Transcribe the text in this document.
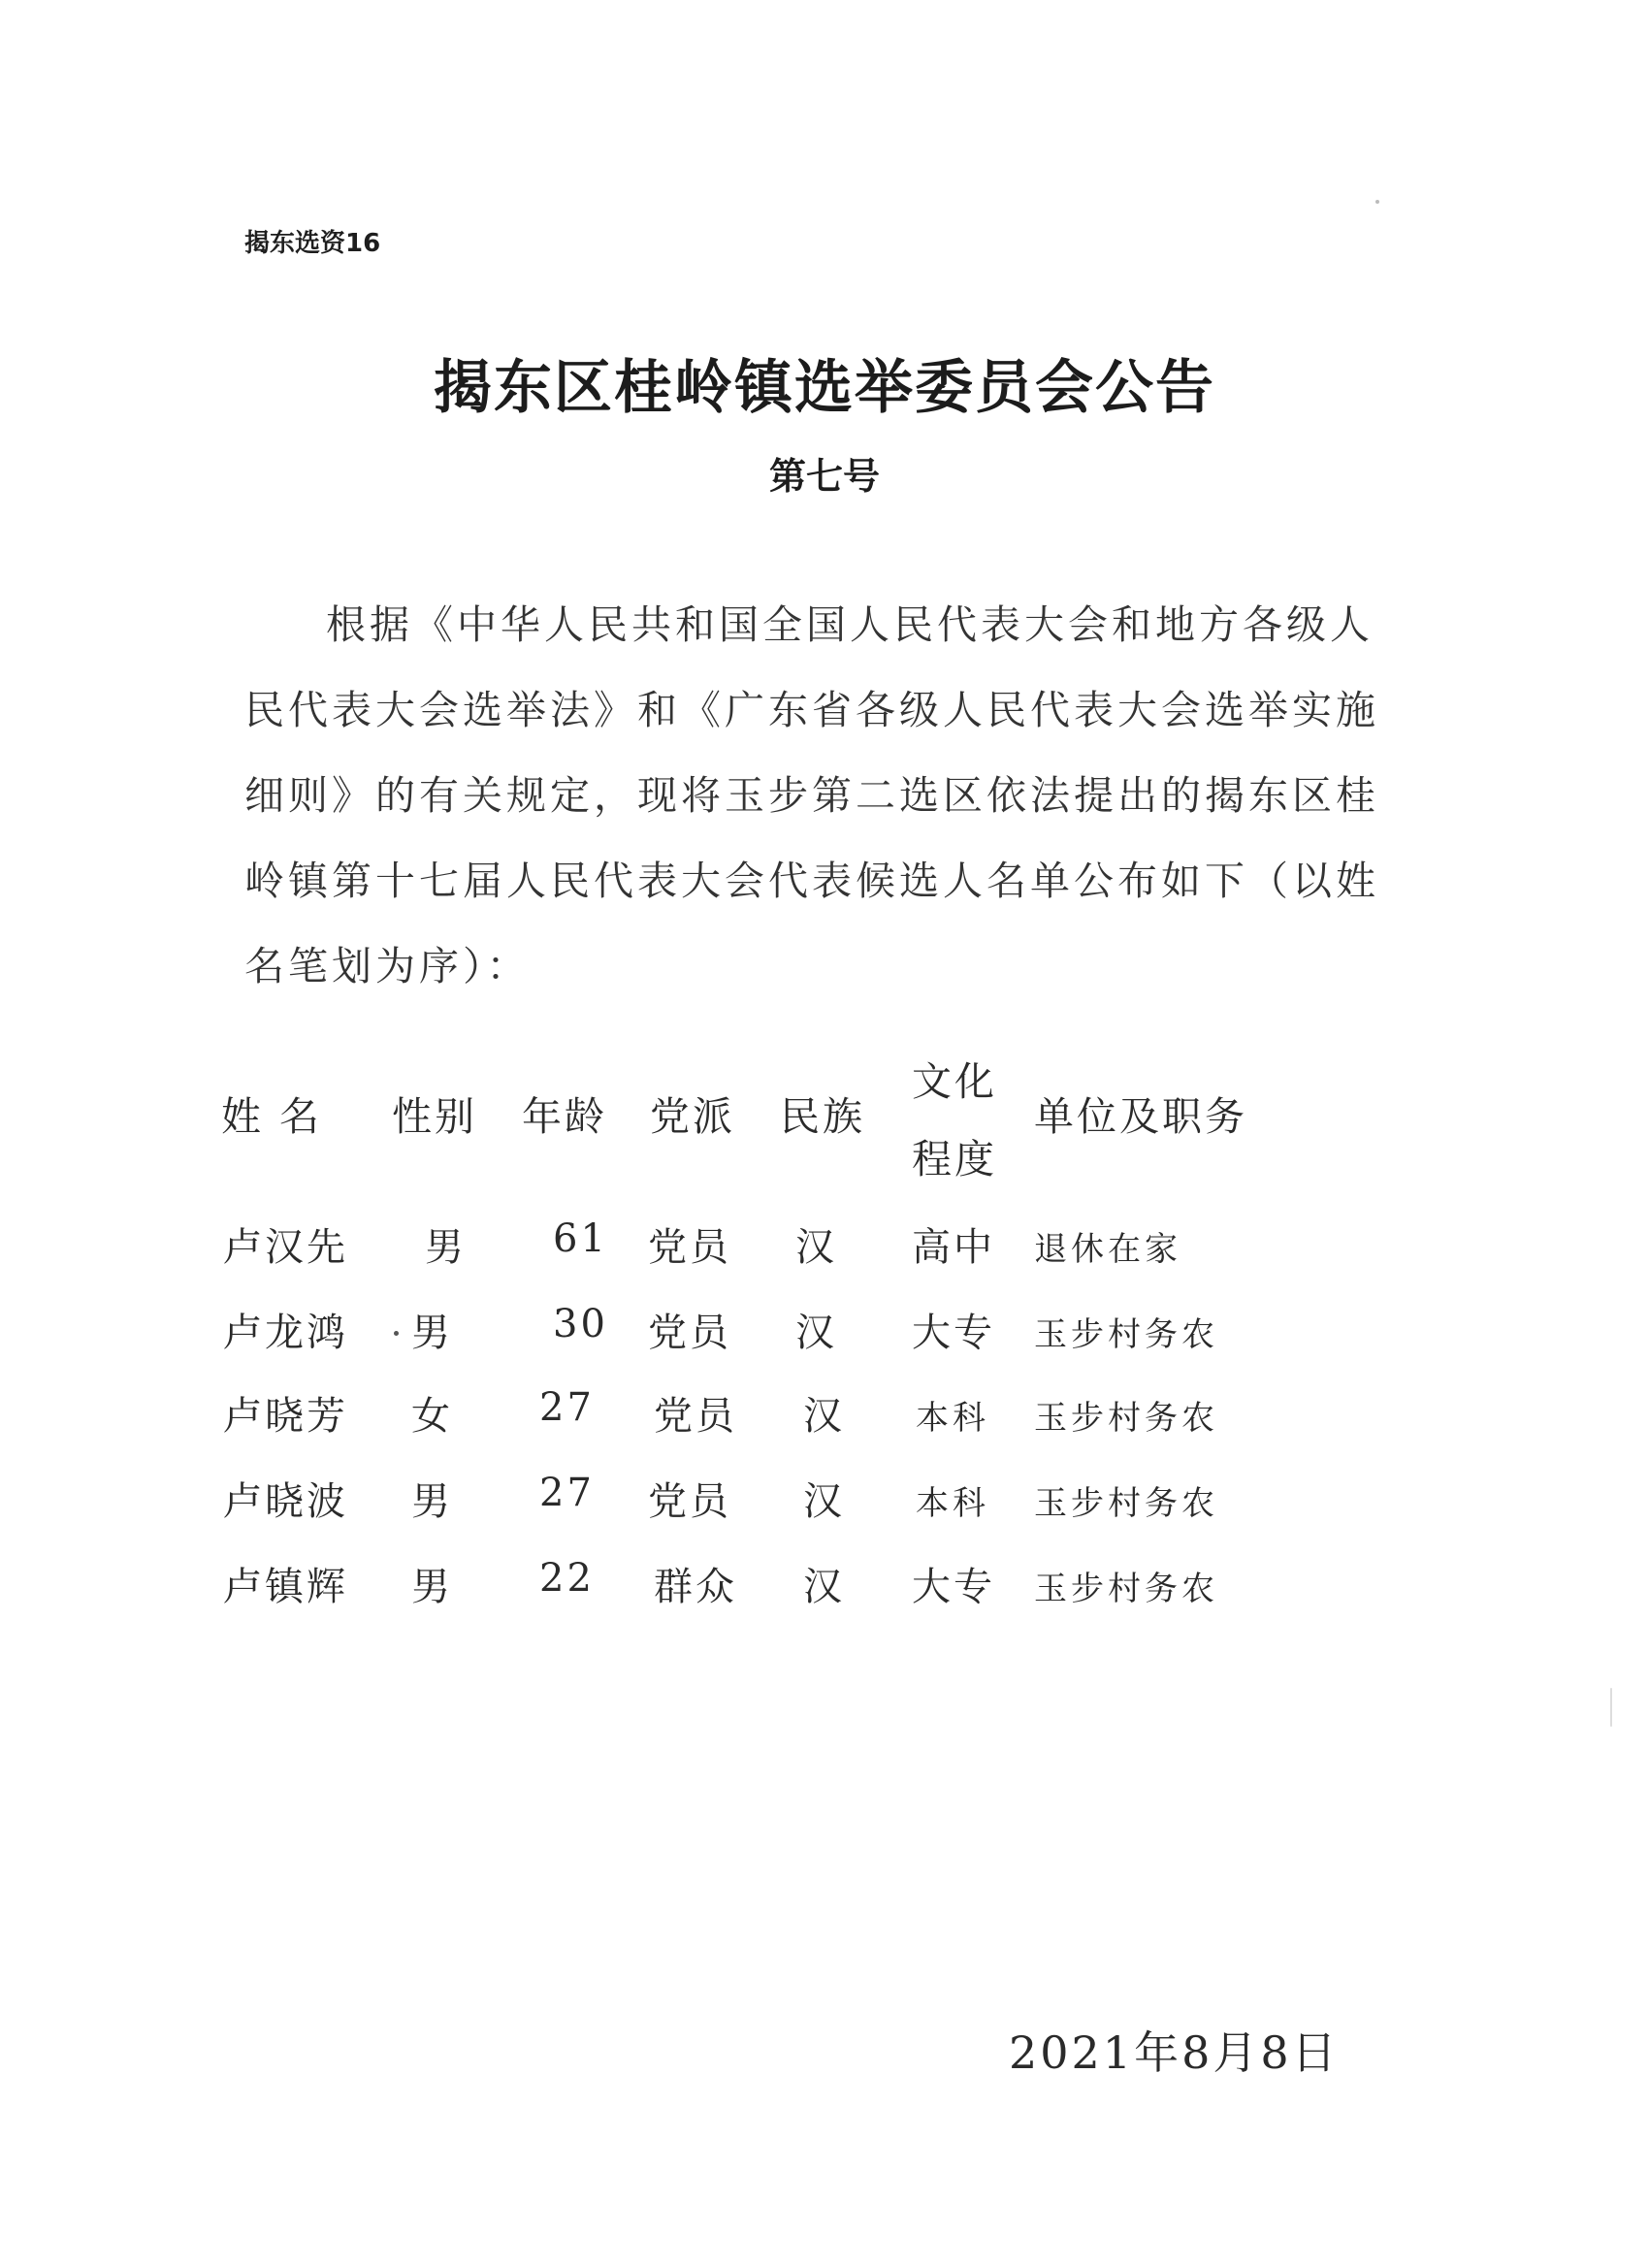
揭东选资16
揭东区桂岭镇选举委员会公告
第七号
根据《中华人民共和国全国人民代表大会和地方各级人
民代表大会选举法》和《广东省各级人民代表大会选举实施
细则》的有关规定，现将玉步第二选区依法提出的揭东区桂
岭镇第十七届人民代表大会代表候选人名单公布如下（以姓
名笔划为序）：
姓 名 性别 年龄 党派 民族
文化
程度
单位及职务
卢汉先 男 61 党员 汉 高中 退休在家
卢龙鸿 男	30 党员 汉 大专 玉步村务农
卢晓芳 女 27 党员 汉 本科 玉步村务农
卢晓波 男 27 党员 汉 本科 玉步村务农
卢镇辉 男 22 群众 汉 大专 玉步村务农
2021年8月8日
